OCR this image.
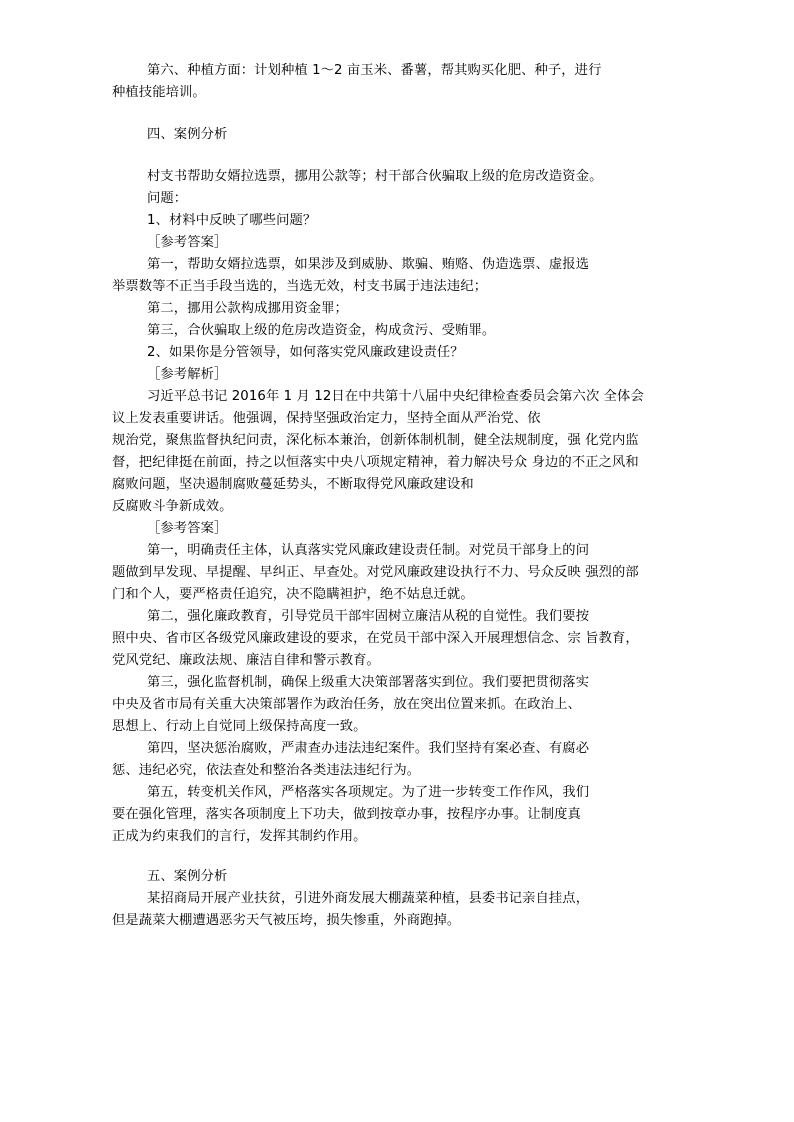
第六、种植方面：计划种植 1～2 亩玉米、番薯，帮其购买化肥、种子，进行
种植技能培训。
四、案例分析
村支书帮助女婿拉选票，挪用公款等；村干部合伙骗取上级的危房改造资金。
问题：
1、材料中反映了哪些问题？
［参考答案］
第一，帮助女婿拉选票，如果涉及到威胁、欺骗、贿赂、伪造选票、虚报选
举票数等不正当手段当选的，当选无效，村支书属于违法违纪；
第二，挪用公款构成挪用资金罪；
第三，合伙骗取上级的危房改造资金，构成贪污、受贿罪。
2、如果你是分管领导，如何落实党风廉政建设责任？
［参考解析］
习近平总书记 2016年 1 月 12日在中共第十八届中央纪律检查委员会第六次 全体会
议上发表重要讲话。他强调，保持坚强政治定力，坚持全面从严治党、依
规治党，聚焦监督执纪问责，深化标本兼治，创新体制机制，健全法规制度，强 化党内监
督，把纪律挺在前面，持之以恒落实中央八项规定精神，着力解决号众 身边的不正之风和
腐败问题，坚决遏制腐败蔓延势头，不断取得党风廉政建设和
反腐败斗争新成效。
［参考答案］
第一，明确责任主体，认真落实党风廉政建设责任制。对党员干部身上的问
题做到早发现、早提醒、早纠正、早查处。对党风廉政建设执行不力、号众反映 强烈的部
门和个人，要严格责任追究，决不隐瞒袒护，绝不姑息迁就。
第二，强化廉政教育，引导党员干部牢固树立廉洁从税的自觉性。我们要按
照中央、省市区各级党风廉政建设的要求，在党员干部中深入开展理想信念、宗 旨教育，
党风党纪、廉政法规、廉洁自律和警示教育。
第三，强化监督机制，确保上级重大决策部署落实到位。我们要把贯彻落实
中央及省市局有关重大决策部署作为政治任务，放在突出位置来抓。在政治上、
思想上、行动上自觉同上级保持高度一致。
第四，坚决惩治腐败，严肃查办违法违纪案件。我们坚持有案必查、有腐必
惩、违纪必究，依法查处和整治各类违法违纪行为。
第五，转变机关作风，严格落实各项规定。为了进一步转变工作作风，我们
要在强化管理，落实各项制度上下功夫，做到按章办事，按程序办事。让制度真
正成为约束我们的言行，发挥其制约作用。
五、案例分析
某招商局开展产业扶贫，引进外商发展大棚蔬菜种植，县委书记亲自挂点，
但是蔬菜大棚遭遇恶劣天气被压垮，损失惨重，外商跑掉。
